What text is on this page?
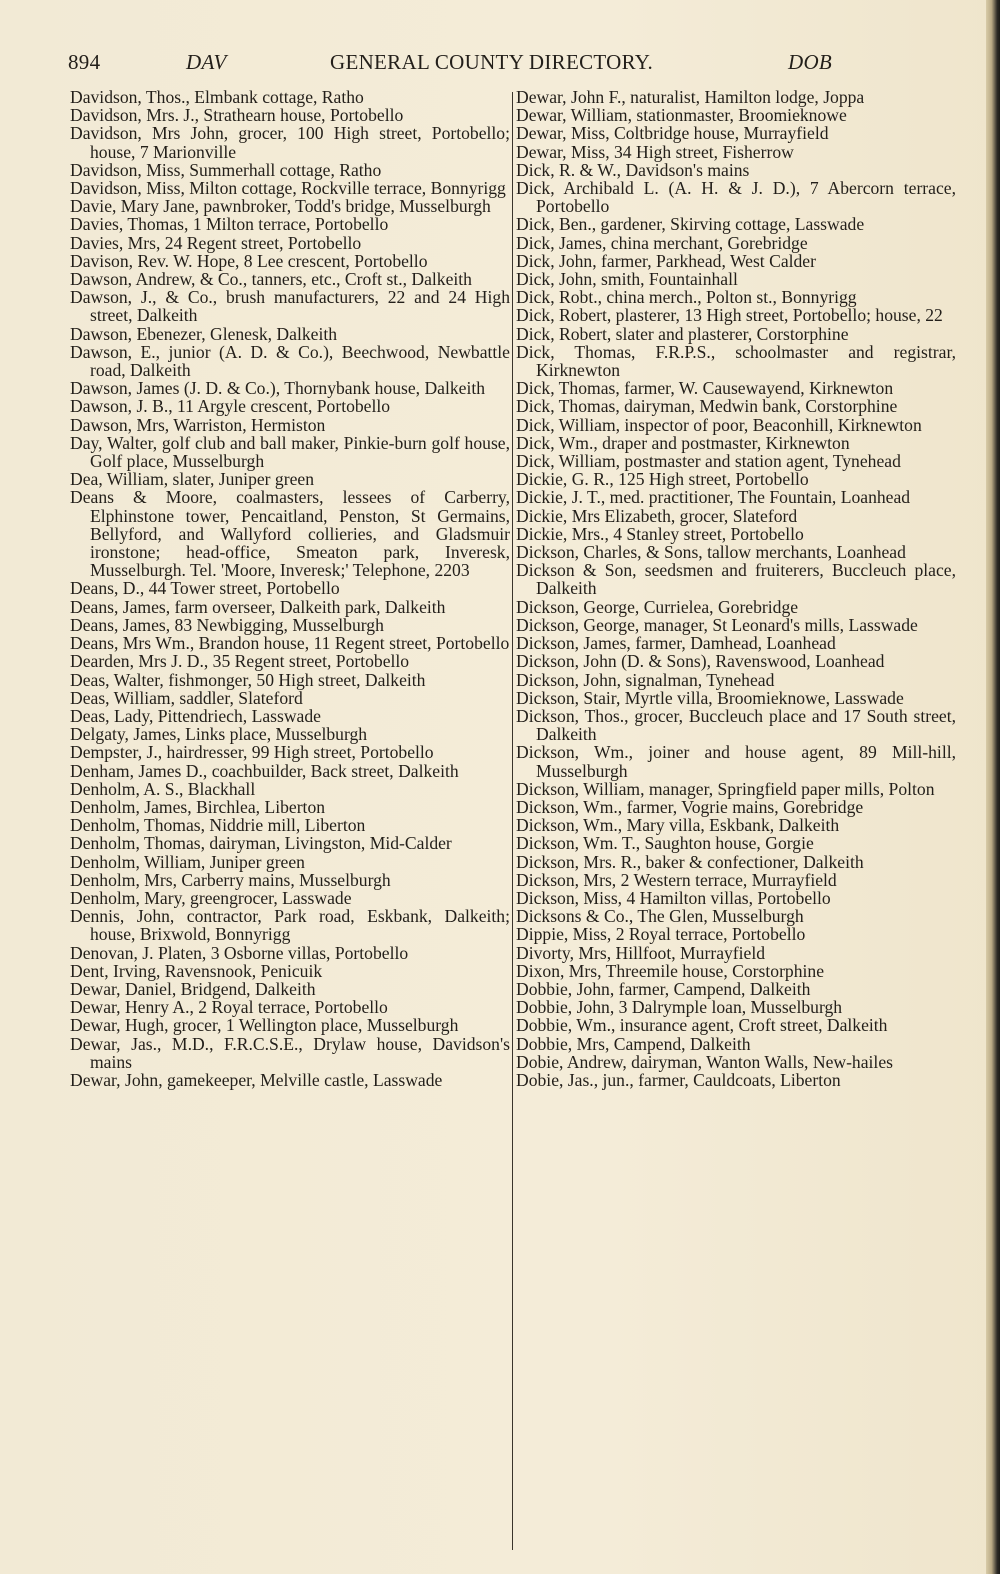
894	DAV	GENERAL COUNTY DIRECTORY.	DOB

Davidson, Thos., Elmbank cottage, Ratho

Davidson, Mrs. J., Strathearn house, Portobello

Davidson, Mrs John, grocer, 100 High street, Portobello; house, 7 Marionville

Davidson, Miss, Summerhall cottage, Ratho

Davidson, Miss, Milton cottage, Rockville terrace, Bonnyrigg

Davie, Mary Jane, pawnbroker, Todd's bridge, Musselburgh

Davies, Thomas, 1 Milton terrace, Portobello

Davies, Mrs, 24 Regent street, Portobello

Davison, Rev. W. Hope, 8 Lee crescent, Portobello

Dawson, Andrew, & Co., tanners, etc., Croft st., Dalkeith

Dawson, J., & Co., brush manufacturers, 22 and 24 High street, Dalkeith

Dawson, Ebenezer, Glenesk, Dalkeith

Dawson, E., junior (A. D. & Co.), Beechwood, Newbattle road, Dalkeith

Dawson, James (J. D. & Co.), Thornybank house, Dalkeith

Dawson, J. B., 11 Argyle crescent, Portobello

Dawson, Mrs, Warriston, Hermiston

Day, Walter, golf club and ball maker, Pinkie-burn golf house, Golf place, Musselburgh

Dea, William, slater, Juniper green

Deans & Moore, coalmasters, lessees of Carberry, Elphinstone tower, Pencaitland, Penston, St Germains, Bellyford, and Wallyford collieries, and Gladsmuir ironstone; head-office, Smeaton park, Inveresk, Musselburgh. Tel. 'Moore, Inveresk;' Telephone, 2203

Deans, D., 44 Tower street, Portobello

Deans, James, farm overseer, Dalkeith park, Dalkeith

Deans, James, 83 Newbigging, Musselburgh

Deans, Mrs Wm., Brandon house, 11 Regent street, Portobello

Dearden, Mrs J. D., 35 Regent street, Portobello

Deas, Walter, fishmonger, 50 High street, Dalkeith

Deas, William, saddler, Slateford

Deas, Lady, Pittendriech, Lasswade

Delgaty, James, Links place, Musselburgh

Dempster, J., hairdresser, 99 High street, Portobello

Denham, James D., coachbuilder, Back street, Dalkeith

Denholm, A. S., Blackhall

Denholm, James, Birchlea, Liberton

Denholm, Thomas, Niddrie mill, Liberton

Denholm, Thomas, dairyman, Livingston, Mid-Calder

Denholm, William, Juniper green

Denholm, Mrs, Carberry mains, Musselburgh

Denholm, Mary, greengrocer, Lasswade

Dennis, John, contractor, Park road, Eskbank, Dalkeith; house, Brixwold, Bonnyrigg

Denovan, J. Platen, 3 Osborne villas, Portobello

Dent, Irving, Ravensnook, Penicuik

Dewar, Daniel, Bridgend, Dalkeith

Dewar, Henry A., 2 Royal terrace, Portobello

Dewar, Hugh, grocer, 1 Wellington place, Musselburgh

Dewar, Jas., M.D., F.R.C.S.E., Drylaw house, Davidson's mains

Dewar, John, gamekeeper, Melville castle, Lasswade

Dewar, John F., naturalist, Hamilton lodge, Joppa

Dewar, William, stationmaster, Broomieknowe

Dewar, Miss, Coltbridge house, Murrayfield

Dewar, Miss, 34 High street, Fisherrow

Dick, R. & W., Davidson's mains

Dick, Archibald L. (A. H. & J. D.), 7 Abercorn terrace, Portobello

Dick, Ben., gardener, Skirving cottage, Lasswade

Dick, James, china merchant, Gorebridge

Dick, John, farmer, Parkhead, West Calder

Dick, John, smith, Fountainhall

Dick, Robt., china merch., Polton st., Bonnyrigg

Dick, Robert, plasterer, 13 High street, Portobello; house, 22

Dick, Robert, slater and plasterer, Corstorphine

Dick, Thomas, F.R.P.S., schoolmaster and registrar, Kirknewton

Dick, Thomas, farmer, W. Causewayend, Kirknewton

Dick, Thomas, dairyman, Medwin bank, Corstorphine

Dick, William, inspector of poor, Beaconhill, Kirknewton

Dick, Wm., draper and postmaster, Kirknewton

Dick, William, postmaster and station agent, Tynehead

Dickie, G. R., 125 High street, Portobello

Dickie, J. T., med. practitioner, The Fountain, Loanhead

Dickie, Mrs Elizabeth, grocer, Slateford

Dickie, Mrs., 4 Stanley street, Portobello

Dickson, Charles, & Sons, tallow merchants, Loanhead

Dickson & Son, seedsmen and fruiterers, Buccleuch place, Dalkeith

Dickson, George, Currielea, Gorebridge

Dickson, George, manager, St Leonard's mills, Lasswade

Dickson, James, farmer, Damhead, Loanhead

Dickson, John (D. & Sons), Ravenswood, Loanhead

Dickson, John, signalman, Tynehead

Dickson, Stair, Myrtle villa, Broomieknowe, Lasswade

Dickson, Thos., grocer, Buccleuch place and 17 South street, Dalkeith

Dickson, Wm., joiner and house agent, 89 Mill-hill, Musselburgh

Dickson, William, manager, Springfield paper mills, Polton

Dickson, Wm., farmer, Vogrie mains, Gorebridge

Dickson, Wm., Mary villa, Eskbank, Dalkeith

Dickson, Wm. T., Saughton house, Gorgie

Dickson, Mrs. R., baker & confectioner, Dalkeith

Dickson, Mrs, 2 Western terrace, Murrayfield

Dickson, Miss, 4 Hamilton villas, Portobello

Dicksons & Co., The Glen, Musselburgh

Dippie, Miss, 2 Royal terrace, Portobello

Divorty, Mrs, Hillfoot, Murrayfield

Dixon, Mrs, Threemile house, Corstorphine

Dobbie, John, farmer, Campend, Dalkeith

Dobbie, John, 3 Dalrymple loan, Musselburgh

Dobbie, Wm., insurance agent, Croft street, Dalkeith

Dobbie, Mrs, Campend, Dalkeith

Dobie, Andrew, dairyman, Wanton Walls, New-hailes

Dobie, Jas., jun., farmer, Cauldcoats, Liberton
